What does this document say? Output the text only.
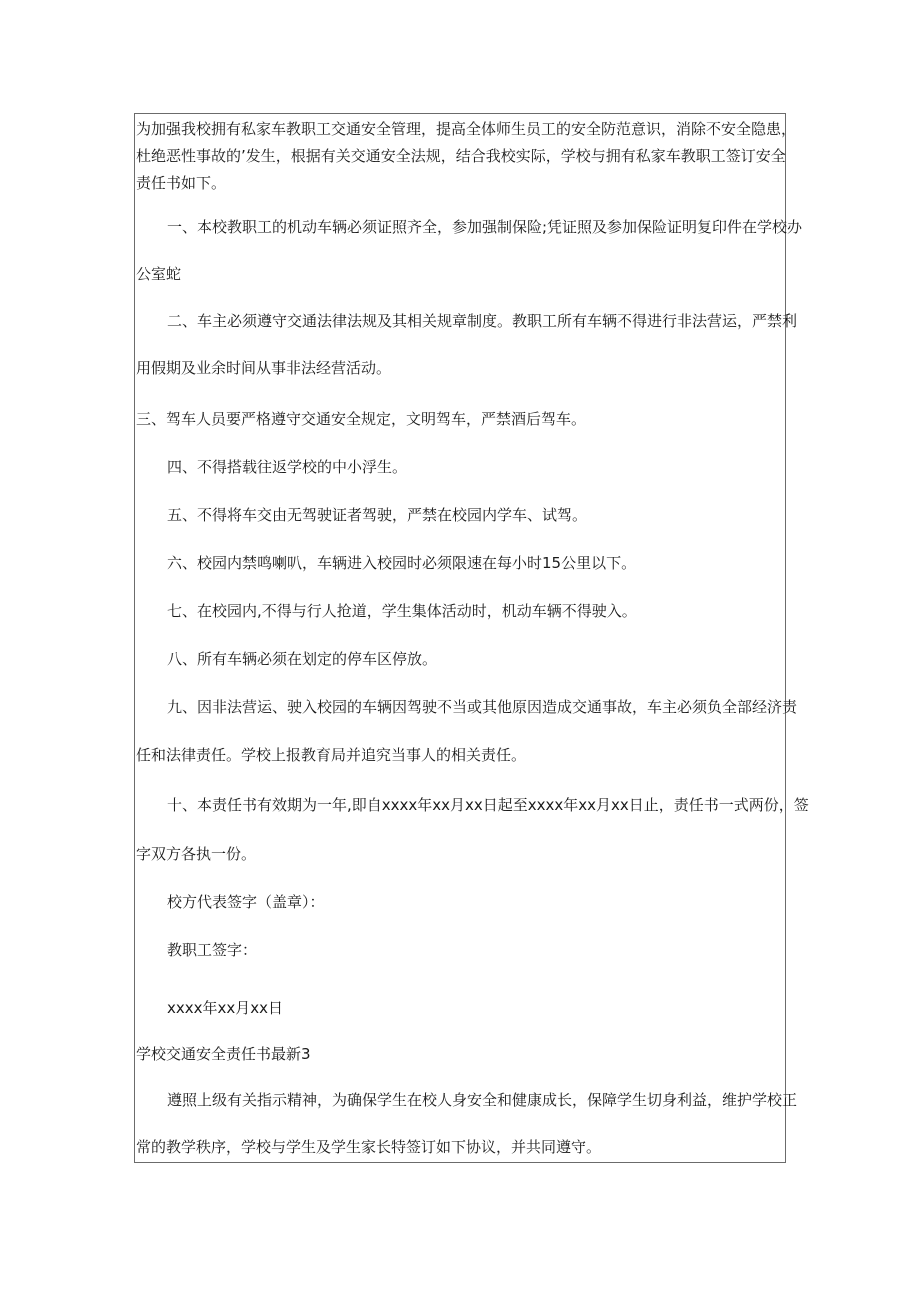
为加强我校拥有私家车教职工交通安全管理，提高全体师生员工的安全防范意识，消除不安全隐患，

杜绝恶性事故的’发生，根据有关交通安全法规，结合我校实际，学校与拥有私家车教职工签订安全

责任书如下。

一、本校教职工的机动车辆必须证照齐全，参加强制保险;凭证照及参加保险证明复印件在学校办

公室蛇

二、车主必须遵守交通法律法规及其相关规章制度。教职工所有车辆不得进行非法营运，严禁利

用假期及业余时间从事非法经营活动。

三、驾车人员要严格遵守交通安全规定，文明驾车，严禁酒后驾车。

四、不得搭载往返学校的中小浮生。

五、不得将车交由无驾驶证者驾驶，严禁在校园内学车、试驾。

六、校园内禁鸣喇叭，车辆进入校园时必须限速在每小时15公里以下。

七、在校园内,不得与行人抢道，学生集体活动时，机动车辆不得驶入。

八、所有车辆必须在划定的停车区停放。

九、因非法营运、驶入校园的车辆因驾驶不当或其他原因造成交通事故，车主必须负全部经济责

任和法律责任。学校上报教育局并追究当事人的相关责任。

十、本责任书有效期为一年,即自xxxx年xx月xx日起至xxxx年xx月xx日止，责任书一式两份，签

字双方各执一份。

校方代表签字（盖章）：

教职工签字：

xxxx年xx月xx日

学校交通安全责任书最新3

遵照上级有关指示精神，为确保学生在校人身安全和健康成长，保障学生切身利益，维护学校正

常的教学秩序，学校与学生及学生家长特签订如下协议，并共同遵守。
